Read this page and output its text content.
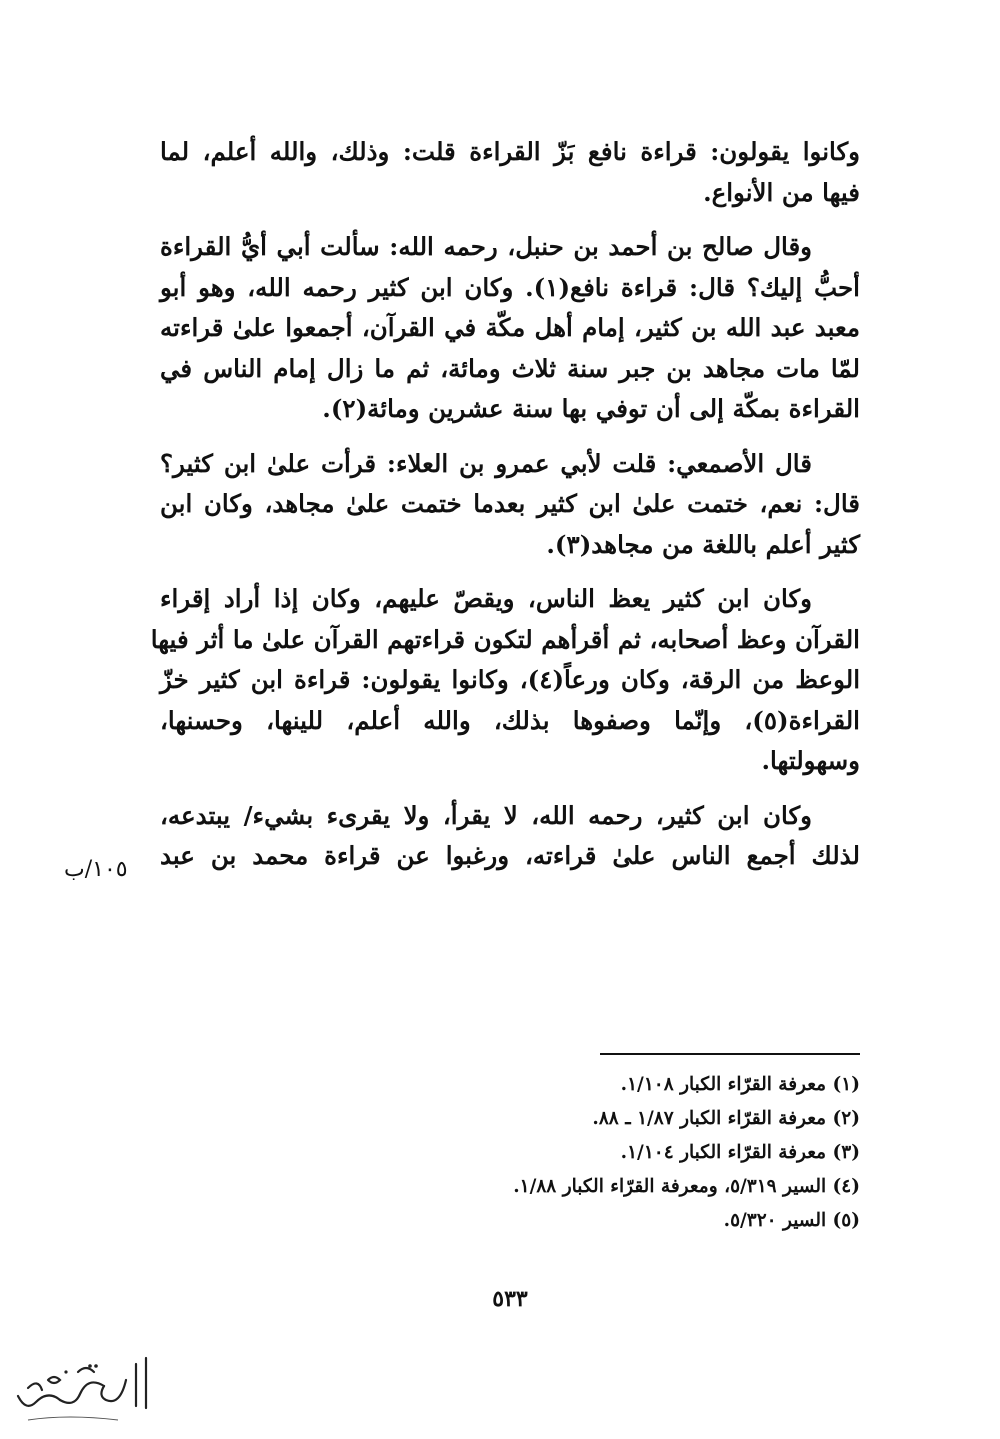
وكانوا يقولون: قراءة نافع بَزّ القراءة قلت: وذلك، والله أعلم، لما
فيها من الأنواع.

وقال صالح بن أحمد بن حنبل، رحمه الله: سألت أبي أيُّ القراءة
أحبُّ إليك؟ قال: قراءة نافع(١). وكان ابن كثير رحمه الله، وهو أبو
معبد عبد الله بن كثير، إمام أهل مكّة في القرآن، أجمعوا علىٰ قراءته
لمّا مات مجاهد بن جبر سنة ثلاث ومائة، ثم ما زال إمام الناس في
القراءة بمكّة إلى أن توفي بها سنة عشرين ومائة(٢).

قال الأصمعي: قلت لأبي عمرو بن العلاء: قرأت علىٰ ابن كثير؟
قال: نعم، ختمت علىٰ ابن كثير بعدما ختمت علىٰ مجاهد، وكان ابن
كثير أعلم باللغة من مجاهد(٣).

وكان ابن كثير يعظ الناس، ويقصّ عليهم، وكان إذا أراد إقراء
القرآن وعظ أصحابه، ثم أقرأهم لتكون قراءتهم القرآن علىٰ ما أثر فيها
الوعظ من الرقة، وكان ورعاً(٤)، وكانوا يقولون: قراءة ابن كثير خزّ
القراءة(٥)، وإنّما وصفوها بذلك، والله أعلم، للينها، وحسنها،
وسهولتها.

وكان ابن كثير، رحمه الله، لا يقرأ، ولا يقرىء بشيء/ يبتدعه،
لذلك أجمع الناس علىٰ قراءته، ورغبوا عن قراءة محمد بن عبد

١٠٥/ب
(١) معرفة القرّاء الكبار ١/١٠٨.
(٢) معرفة القرّاء الكبار ١/٨٧ ـ ٨٨.
(٣) معرفة القرّاء الكبار ١/١٠٤.
(٤) السير ٥/٣١٩، ومعرفة القرّاء الكبار ١/٨٨.
(٥) السير ٥/٣٢٠.
٥٣٣
